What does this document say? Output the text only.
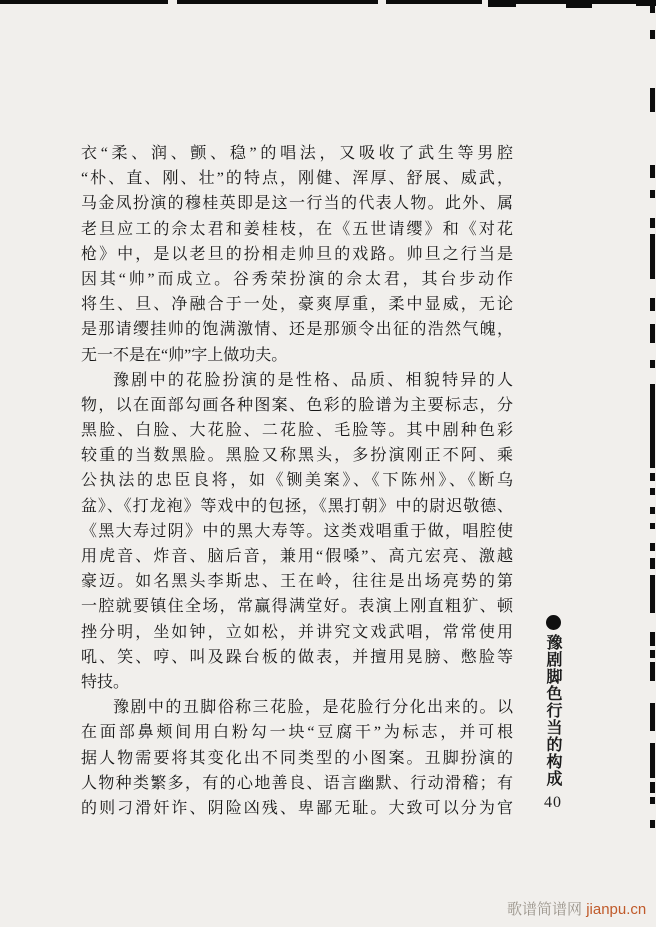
衣“柔、润、颤、稳”的唱法，又吸收了武生等男腔
“朴、直、刚、壮”的特点，刚健、浑厚、舒展、威武，
马金凤扮演的穆桂英即是这一行当的代表人物。此外、属
老旦应工的佘太君和姜桂枝，在《五世请缨》和《对花
枪》中，是以老旦的扮相走帅旦的戏路。帅旦之行当是
因其“帅”而成立。谷秀荣扮演的佘太君，其台步动作
将生、旦、净融合于一处，豪爽厚重，柔中显威，无论
是那请缨挂帅的饱满激情、还是那颁令出征的浩然气魄，
无一不是在“帅”字上做功夫。
豫剧中的花脸扮演的是性格、品质、相貌特异的人
物，以在面部勾画各种图案、色彩的脸谱为主要标志，分
黑脸、白脸、大花脸、二花脸、毛脸等。其中剧种色彩
较重的当数黑脸。黑脸又称黑头，多扮演刚正不阿、乘
公执法的忠臣良将，如《铡美案》、《下陈州》、《断乌
盆》、《打龙袍》等戏中的包拯，《黑打朝》中的尉迟敬德、
《黑大寿过阴》中的黑大寿等。这类戏唱重于做，唱腔使
用虎音、炸音、脑后音，兼用“假嗓”、高亢宏亮、激越
豪迈。如名黑头李斯忠、王在岭，往往是出场亮势的第
一腔就要镇住全场，常赢得满堂好。表演上刚直粗犷、顿
挫分明，坐如钟，立如松，并讲究文戏武唱，常常使用
吼、笑、哼、叫及跺台板的做表，并擅用晃膀、憋脸等
特技。
豫剧中的丑脚俗称三花脸，是花脸行分化出来的。以
在面部鼻颊间用白粉勾一块“豆腐干”为标志，并可根
据人物需要将其变化出不同类型的小图案。丑脚扮演的
人物种类繁多，有的心地善良、语言幽默、行动滑稽；有
的则刁滑奸诈、阴险凶残、卑鄙无耻。大致可以分为官
豫剧脚色行当的构成
40
歌谱简谱网 jianpu.cn
